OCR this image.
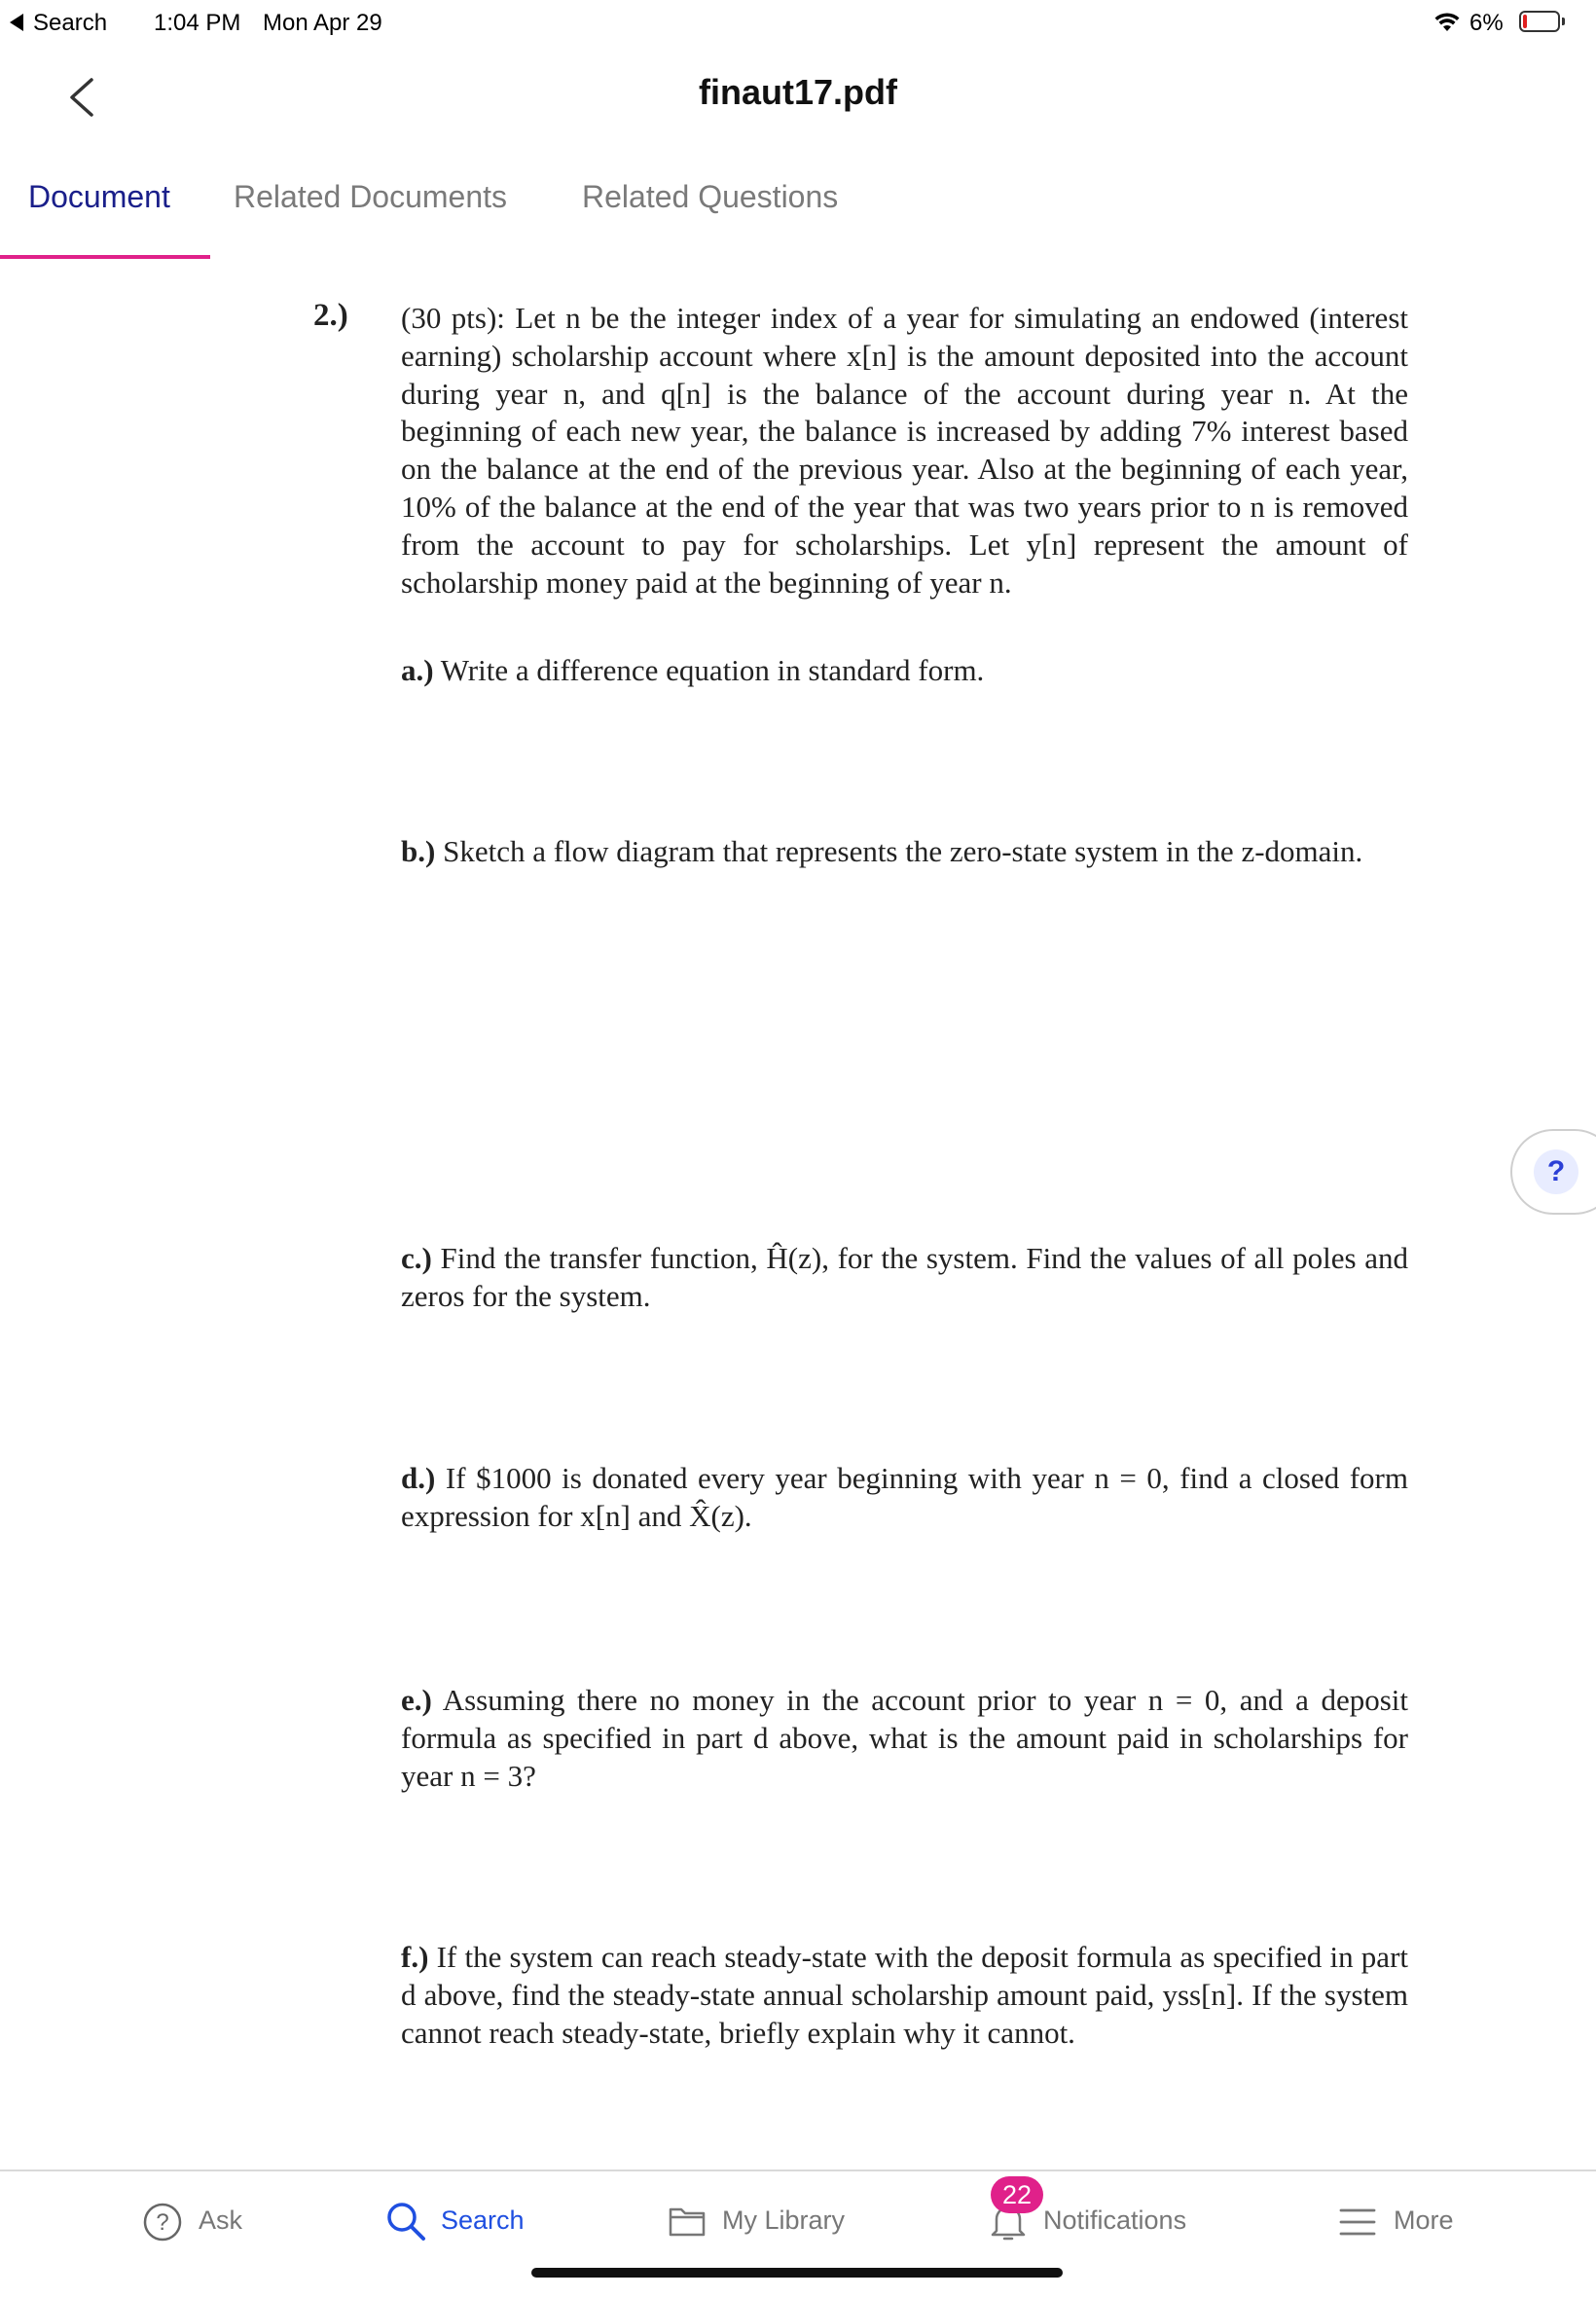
Search 1:04 PM Mon Apr 29	6%
finaut17.pdf
Document Related Documents Related Questions
2.) (30 pts): Let n be the integer index of a year for simulating an endowed (interest earning) scholarship account where x[n] is the amount deposited into the account during year n, and q[n] is the balance of the account during year n. At the beginning of each new year, the balance is increased by adding 7% interest based on the balance at the end of the previous year. Also at the beginning of each year, 10% of the balance at the end of the year that was two years prior to n is removed from the account to pay for scholarships. Let y[n] represent the amount of scholarship money paid at the beginning of year n.
a.) Write a difference equation in standard form.
b.) Sketch a flow diagram that represents the zero-state system in the z-domain.
c.) Find the transfer function, Ĥ(z), for the system. Find the values of all poles and zeros for the system.
d.) If $1000 is donated every year beginning with year n = 0, find a closed form expression for x[n] and X̂(z).
e.) Assuming there no money in the account prior to year n = 0, and a deposit formula as specified in part d above, what is the amount paid in scholarships for year n = 3?
f.) If the system can reach steady-state with the deposit formula as specified in part d above, find the steady-state annual scholarship amount paid, yss[n]. If the system cannot reach steady-state, briefly explain why it cannot.
?
? Ask	Search	My Library	Notifications
22
More
